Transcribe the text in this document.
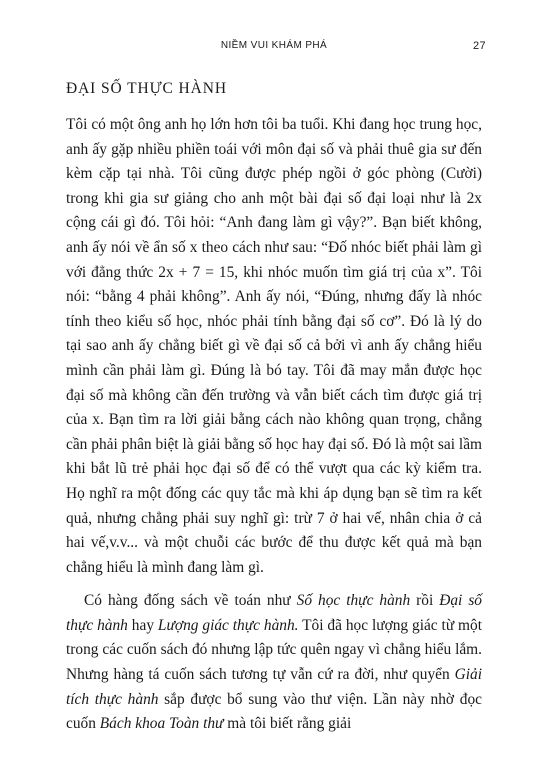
NIỀM VUI KHÁM PHÁ	27
ĐẠI SỐ THỰC HÀNH

Tôi có một ông anh họ lớn hơn tôi ba tuổi. Khi đang học trung học, anh ấy gặp nhiều phiền toái với môn đại số và phải thuê gia sư đến kèm cặp tại nhà. Tôi cũng được phép ngồi ở góc phòng (Cười) trong khi gia sư giảng cho anh một bài đại số đại loại như là 2x cộng cái gì đó. Tôi hỏi: “Anh đang làm gì vậy?”. Bạn biết không, anh ấy nói về ẩn số x theo cách như sau: “Đố nhóc biết phải làm gì với đẳng thức 2x + 7 = 15, khi nhóc muốn tìm giá trị của x”. Tôi nói: “bằng 4 phải không”. Anh ấy nói, “Đúng, nhưng đấy là nhóc tính theo kiểu số học, nhóc phải tính bằng đại số cơ”. Đó là lý do tại sao anh ấy chẳng biết gì về đại số cả bởi vì anh ấy chẳng hiểu mình cần phải làm gì. Đúng là bó tay. Tôi đã may mắn được học đại số mà không cần đến trường và vẫn biết cách tìm được giá trị của x. Bạn tìm ra lời giải bằng cách nào không quan trọng, chẳng cần phải phân biệt là giải bằng số học hay đại số. Đó là một sai lầm khi bắt lũ trẻ phải học đại số để có thể vượt qua các kỳ kiểm tra. Họ nghĩ ra một đống các quy tắc mà khi áp dụng bạn sẽ tìm ra kết quả, nhưng chẳng phải suy nghĩ gì: trừ 7 ở hai vế, nhân chia ở cả hai vế,v.v... và một chuỗi các bước để thu được kết quả mà bạn chẳng hiểu là mình đang làm gì.

Có hàng đống sách về toán như Số học thực hành rồi Đại số thực hành hay Lượng giác thực hành. Tôi đã học lượng giác từ một trong các cuốn sách đó nhưng lập tức quên ngay vì chẳng hiểu lắm. Nhưng hàng tá cuốn sách tương tự vẫn cứ ra đời, như quyển Giải tích thực hành sắp được bổ sung vào thư viện. Lần này nhờ đọc cuốn Bách khoa Toàn thư mà tôi biết rằng giải
